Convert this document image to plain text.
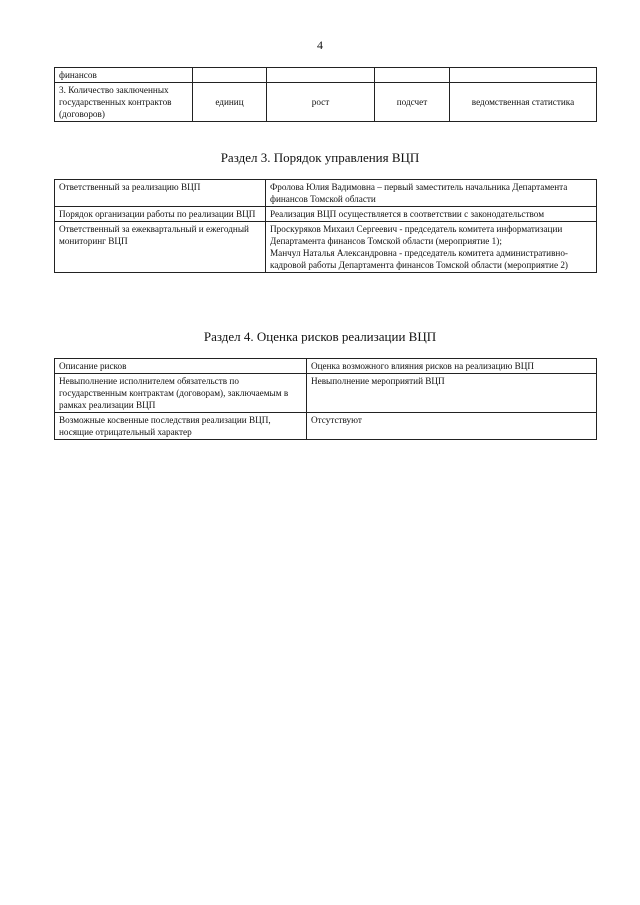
4
финансов				
3. Количество заключенных государственных контрактов (договоров)	единиц	рост	подсчет	ведомственная статистика
Раздел 3. Порядок управления ВЦП
Ответственный за реализацию ВЦП	Фролова Юлия Вадимовна – первый заместитель начальника Департамента финансов Томской области
Порядок организации работы по реализации ВЦП	Реализация ВЦП осуществляется в соответствии с законодательством
Ответственный за ежеквартальный и ежегодный мониторинг ВЦП	Проскуряков Михаил Сергеевич - председатель комитета информатизации Департамента финансов Томской области (мероприятие 1);
Манчул Наталья Александровна - председатель комитета административно-кадровой работы Департамента финансов Томской области (мероприятие 2)
Раздел 4. Оценка рисков реализации ВЦП
Описание рисков	Оценка возможного влияния рисков на реализацию ВЦП
Невыполнение исполнителем обязательств по государственным контрактам (договорам), заключаемым в рамках реализации ВЦП	Невыполнение мероприятий ВЦП
Возможные косвенные последствия реализации ВЦП, носящие отрицательный характер	Отсутствуют
